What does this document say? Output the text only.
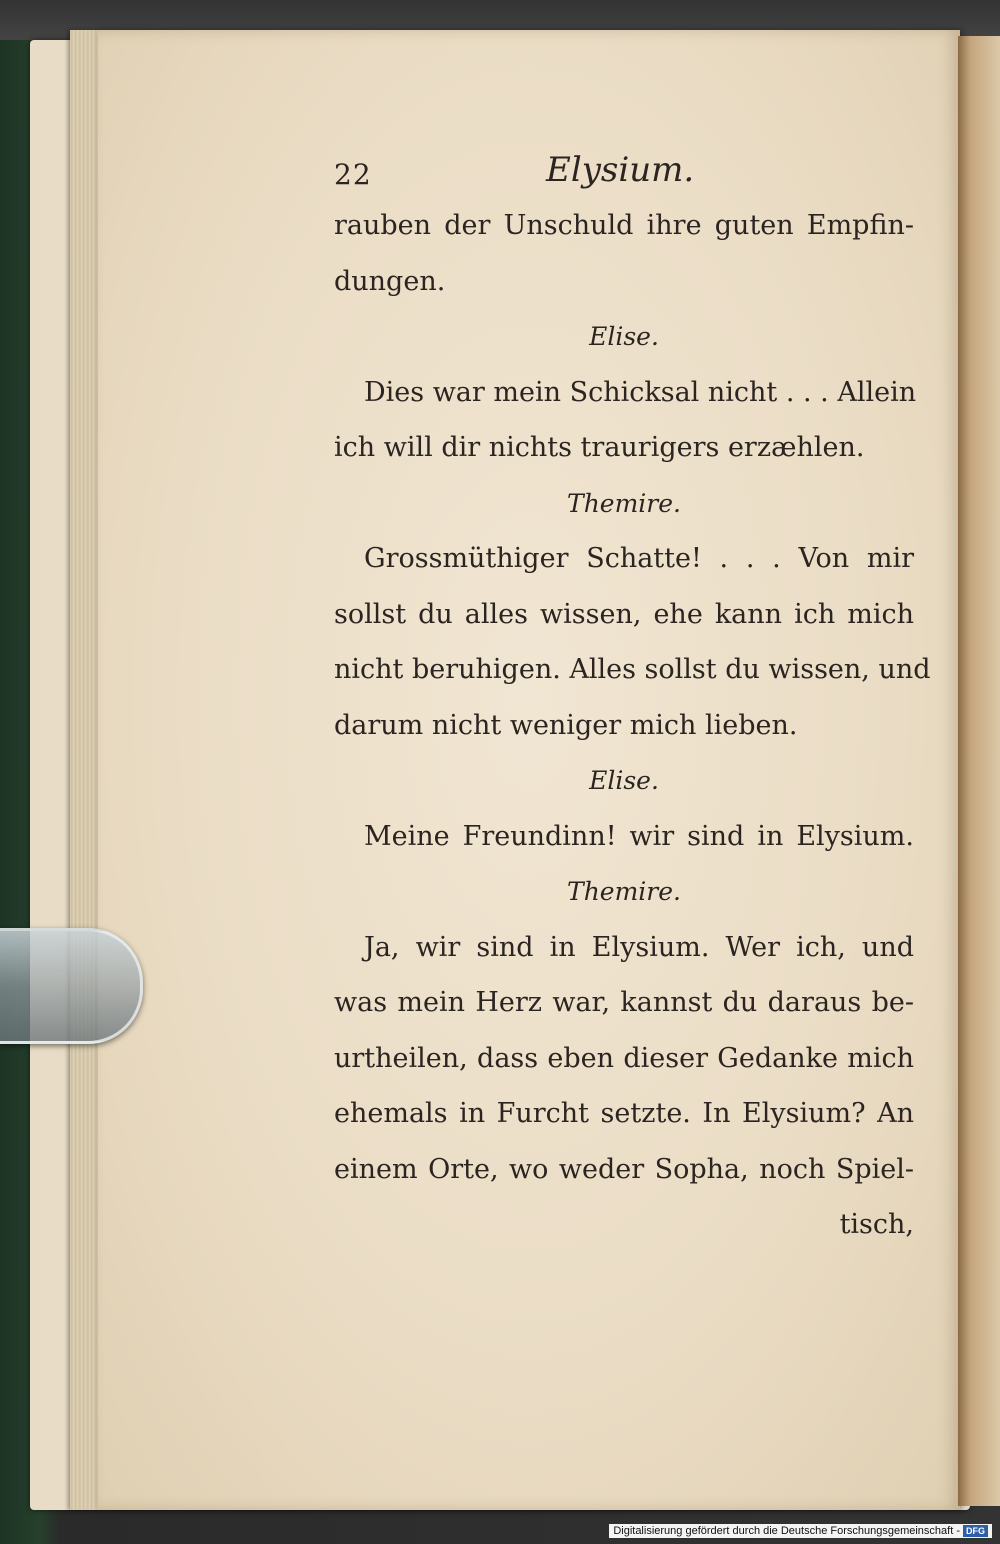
22	Elysium.
rauben der Unschuld ihre guten Empfin-
dungen.
Elise.
Dies war mein Schicksal nicht . . . Allein
ich will dir nichts traurigers erzæhlen.
Themire.
Grossmüthiger Schatte! . . . Von mir
sollst du alles wissen, ehe kann ich mich
nicht beruhigen. Alles sollst du wissen, und
darum nicht weniger mich lieben.
Elise.
Meine Freundinn! wir sind in Elysium.
Themire.
Ja, wir sind in Elysium. Wer ich, und
was mein Herz war, kannst du daraus be-
urtheilen, dass eben dieser Gedanke mich
ehemals in Furcht setzte. In Elysium? An
einem Orte, wo weder Sopha, noch Spiel-
tisch,
Digitalisierung gefördert durch die Deutsche Forschungsgemeinschaft - DFG
